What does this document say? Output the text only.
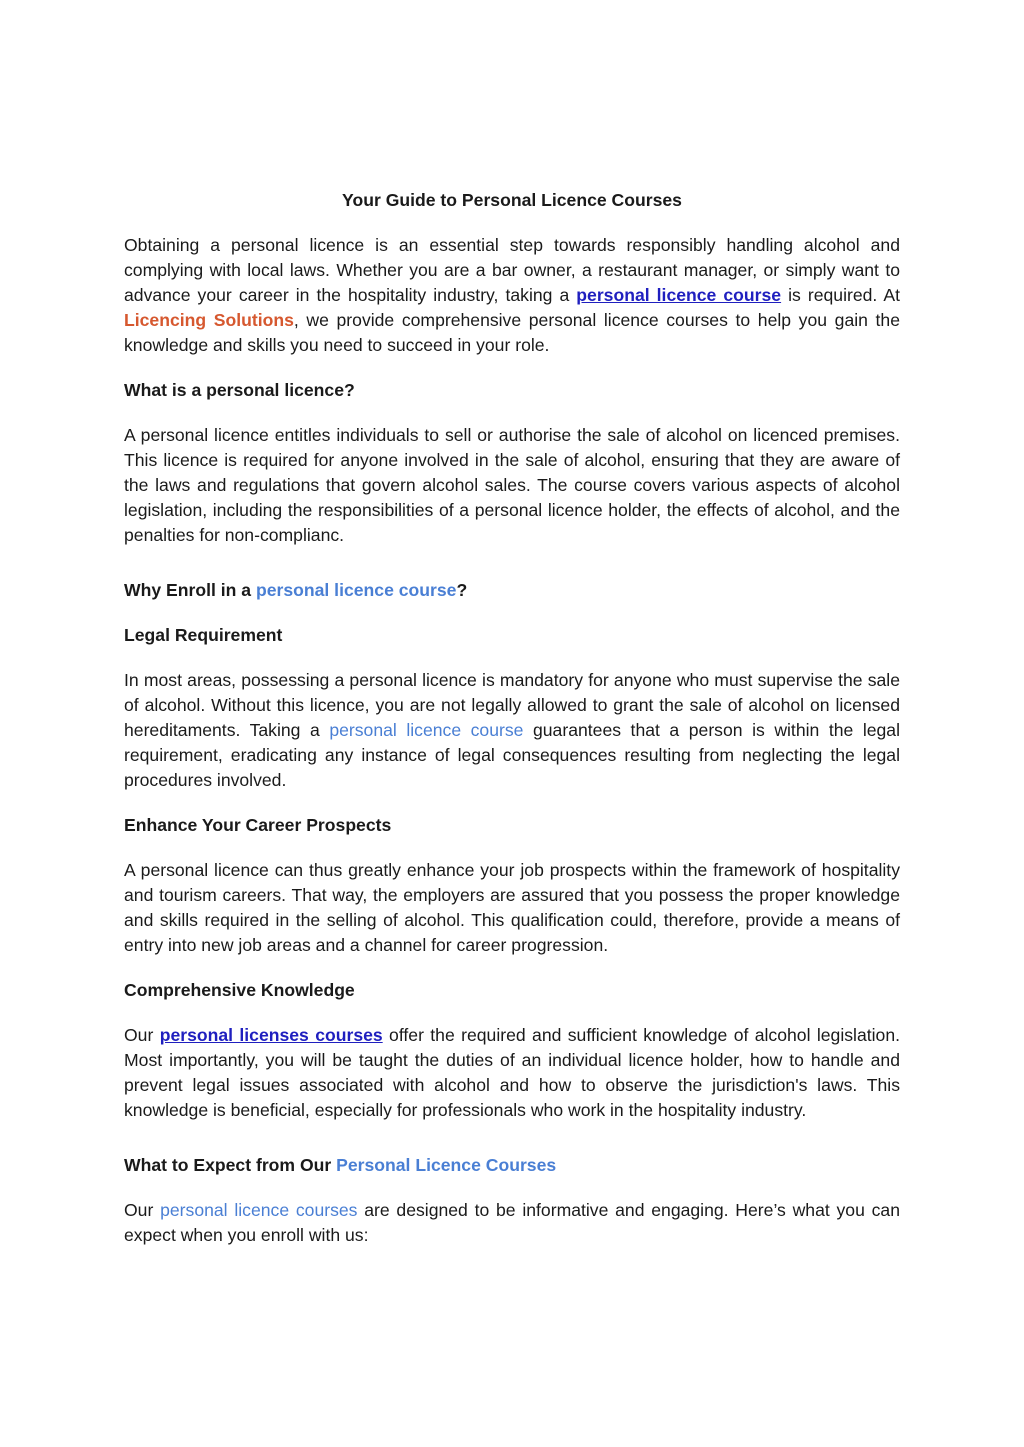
Your Guide to Personal Licence Courses

Obtaining a personal licence is an essential step towards responsibly handling alcohol and complying with local laws. Whether you are a bar owner, a restaurant manager, or simply want to advance your career in the hospitality industry, taking a personal licence course is required. At Licencing Solutions, we provide comprehensive personal licence courses to help you gain the knowledge and skills you need to succeed in your role.

What is a personal licence?

A personal licence entitles individuals to sell or authorise the sale of alcohol on licenced premises. This licence is required for anyone involved in the sale of alcohol, ensuring that they are aware of the laws and regulations that govern alcohol sales. The course covers various aspects of alcohol legislation, including the responsibilities of a personal licence holder, the effects of alcohol, and the penalties for non-complianc.

Why Enroll in a personal licence course?

Legal Requirement

In most areas, possessing a personal licence is mandatory for anyone who must supervise the sale of alcohol. Without this licence, you are not legally allowed to grant the sale of alcohol on licensed hereditaments. Taking a personal licence course guarantees that a person is within the legal requirement, eradicating any instance of legal consequences resulting from neglecting the legal procedures involved.

Enhance Your Career Prospects

A personal licence can thus greatly enhance your job prospects within the framework of hospitality and tourism careers. That way, the employers are assured that you possess the proper knowledge and skills required in the selling of alcohol. This qualification could, therefore, provide a means of entry into new job areas and a channel for career progression.

Comprehensive Knowledge

Our personal licenses courses offer the required and sufficient knowledge of alcohol legislation. Most importantly, you will be taught the duties of an individual licence holder, how to handle and prevent legal issues associated with alcohol and how to observe the jurisdiction's laws. This knowledge is beneficial, especially for professionals who work in the hospitality industry.

What to Expect from Our Personal Licence Courses

Our personal licence courses are designed to be informative and engaging. Here’s what you can expect when you enroll with us:
